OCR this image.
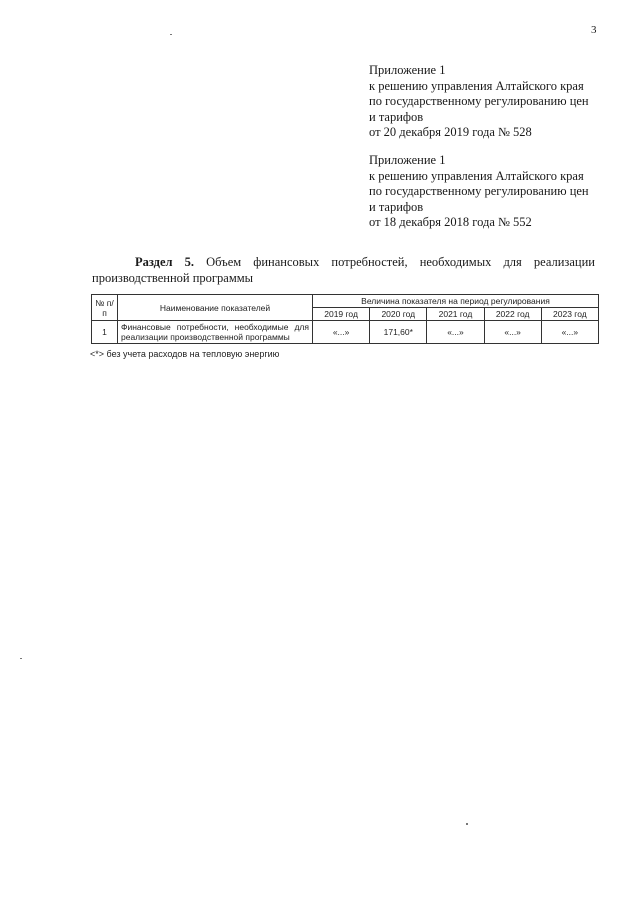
3
Приложение 1
к решению управления Алтайского края
по государственному регулированию цен
и тарифов
от 20 декабря 2019 года № 528
Приложение 1
к решению управления Алтайского края
по государственному регулированию цен
и тарифов
от 18 декабря 2018 года № 552
Раздел 5. Объем финансовых потребностей, необходимых для реализации производственной программы
№ п/п	Наименование показателей	Величина показателя на период регулирования				
		2019 год	2020 год	2021 год	2022 год	2023 год
1	Финансовые потребности, необходимые для реализации производственной программы	«...»	171,60*	«...»	«...»	«...»
<*> без учета расходов на тепловую энергию
